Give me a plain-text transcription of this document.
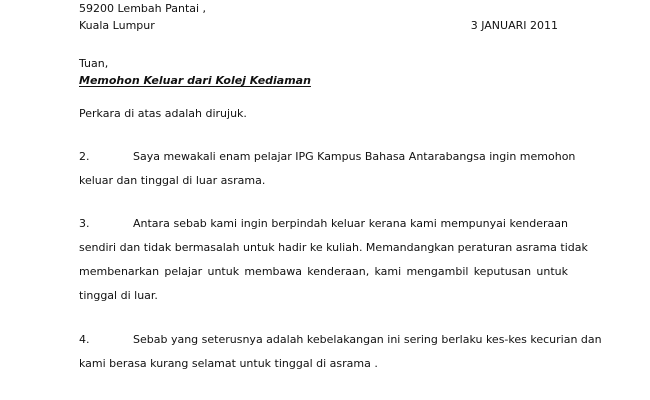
59200 Lembah Pantai ,
Kuala Lumpur	3 JANUARI 2011
Tuan,
Memohon Keluar dari Kolej Kediaman
Perkara di atas adalah dirujuk.
2.	Saya mewakali enam pelajar IPG Kampus Bahasa Antarabangsa ingin memohon
keluar dan tinggal di luar asrama.
3.	Antara sebab kami ingin berpindah keluar kerana kami mempunyai kenderaan
sendiri dan tidak bermasalah untuk hadir ke kuliah. Memandangkan peraturan asrama tidak
membenarkan pelajar untuk membawa kenderaan, kami mengambil keputusan untuk
tinggal di luar.
4.	Sebab yang seterusnya adalah kebelakangan ini sering berlaku kes-kes kecurian dan
kami berasa kurang selamat untuk tinggal di asrama .
